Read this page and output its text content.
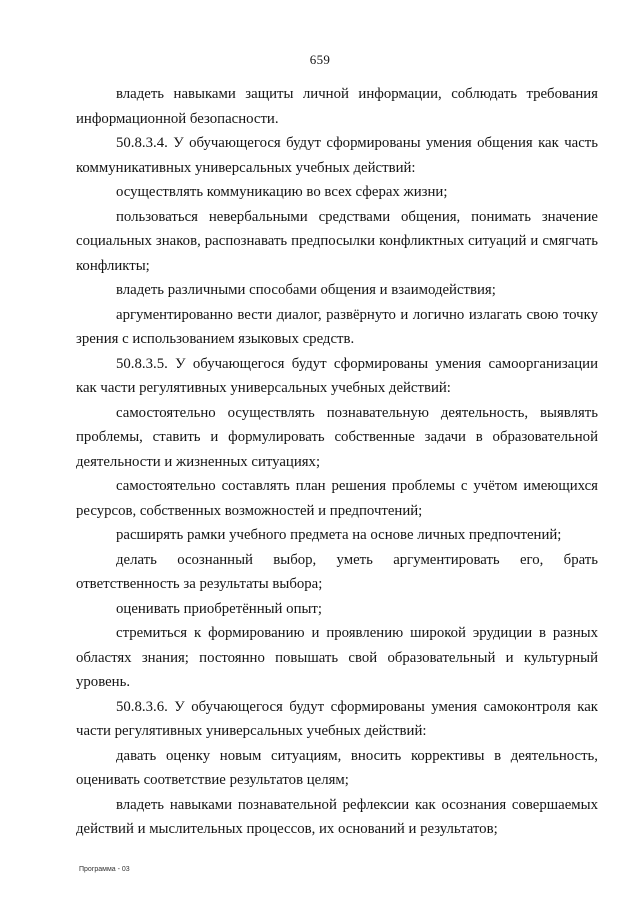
659

владеть навыками защиты личной информации, соблюдать требования информационной безопасности.

50.8.3.4. У обучающегося будут сформированы умения общения как часть коммуникативных универсальных учебных действий:

осуществлять коммуникацию во всех сферах жизни;

пользоваться невербальными средствами общения, понимать значение социальных знаков, распознавать предпосылки конфликтных ситуаций и смягчать конфликты;

владеть различными способами общения и взаимодействия;

аргументированно вести диалог, развёрнуто и логично излагать свою точку зрения с использованием языковых средств.

50.8.3.5. У обучающегося будут сформированы умения самоорганизации как части регулятивных универсальных учебных действий:

самостоятельно осуществлять познавательную деятельность, выявлять проблемы, ставить и формулировать собственные задачи в образовательной деятельности и жизненных ситуациях;

самостоятельно составлять план решения проблемы с учётом имеющихся ресурсов, собственных возможностей и предпочтений;

расширять рамки учебного предмета на основе личных предпочтений;

делать осознанный выбор, уметь аргументировать его, брать ответственность за результаты выбора;

оценивать приобретённый опыт;

стремиться к формированию и проявлению широкой эрудиции в разных областях знания; постоянно повышать свой образовательный и культурный уровень.

50.8.3.6. У обучающегося будут сформированы умения самоконтроля как части регулятивных универсальных учебных действий:

давать оценку новым ситуациям, вносить коррективы в деятельность, оценивать соответствие результатов целям;

владеть навыками познавательной рефлексии как осознания совершаемых действий и мыслительных процессов, их оснований и результатов;

Программа - 03
